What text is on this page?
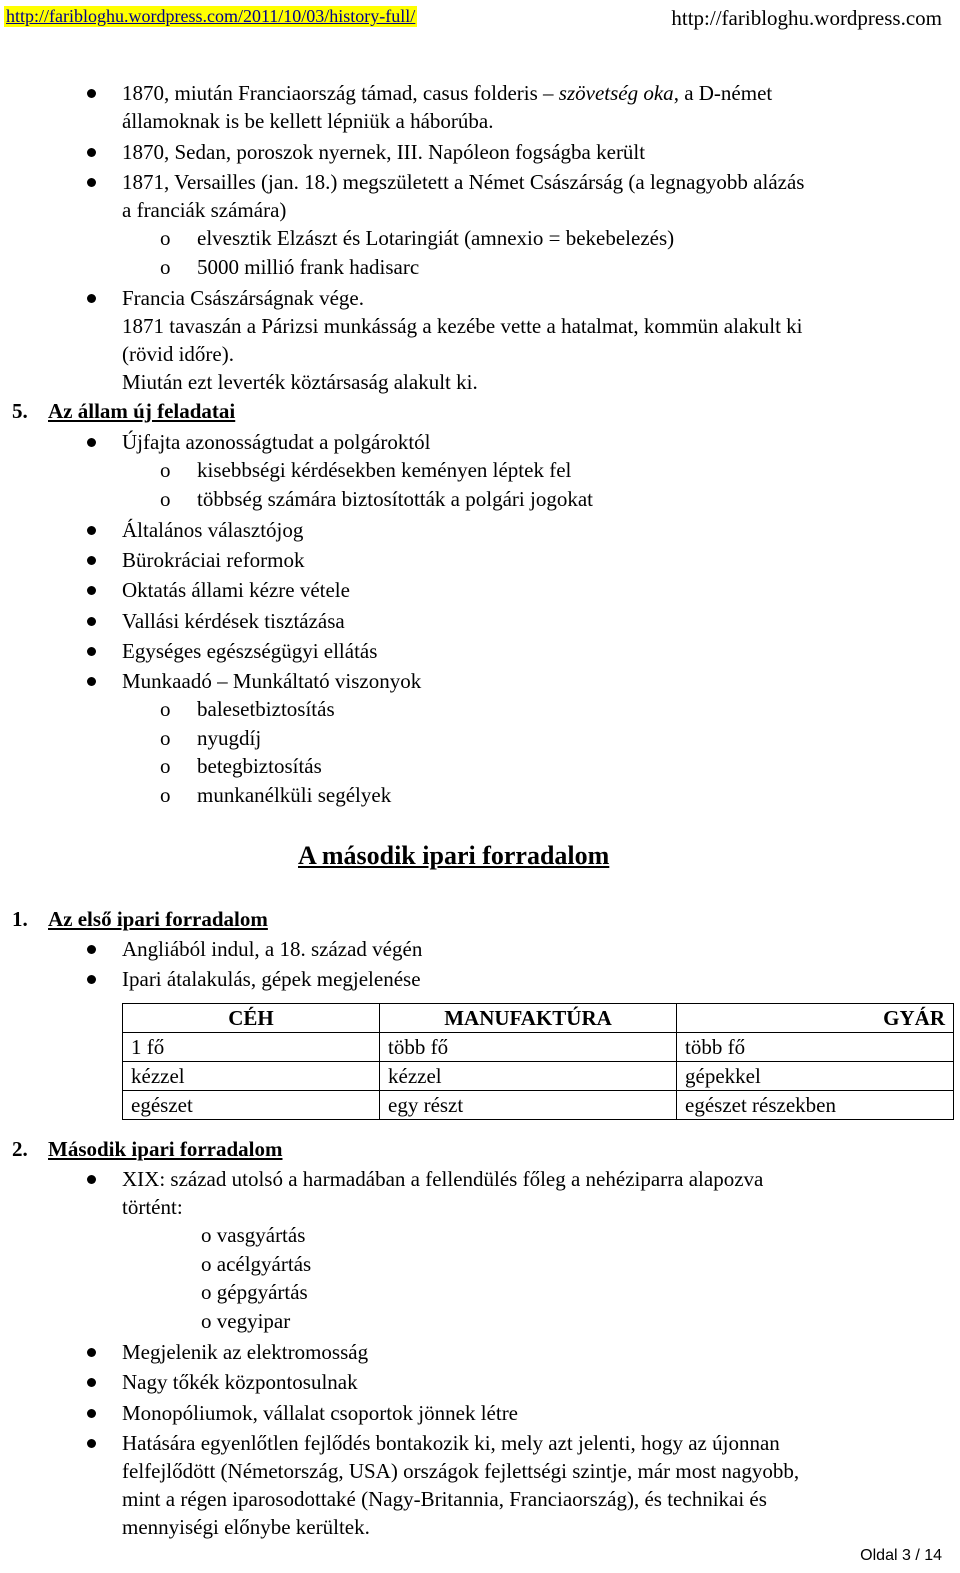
http://faribloghu.wordpress.com/2011/10/03/history-full/	http://faribloghu.wordpress.com
1870, miután Franciaország támad, casus folderis – szövetség oka, a D-német
államoknak is be kellett lépniük a háborúba.
1870, Sedan, poroszok nyernek, III. Napóleon fogságba került
1871, Versailles (jan. 18.) megszületett a Német Császárság (a legnagyobb alázás
a franciák számára)
o elvesztik Elzászt és Lotaringiát (amnexio = bekebelezés)
o 5000 millió frank hadisarc
Francia Császárságnak vége.
1871 tavaszán a Párizsi munkásság a kezébe vette a hatalmat, kommün alakult ki
(rövid időre).
Miután ezt leverték köztársaság alakult ki.
5. Az állam új feladatai
Újfajta azonosságtudat a polgároktól
o kisebbségi kérdésekben keményen léptek fel
o többség számára biztosították a polgári jogokat
Általános választójog
Bürokráciai reformok
Oktatás állami kézre vétele
Vallási kérdések tisztázása
Egységes egészségügyi ellátás
Munkaadó – Munkáltató viszonyok
o balesetbiztosítás
o nyugdíj
o betegbiztosítás
o munkanélküli segélyek
A második ipari forradalom
1. Az első ipari forradalom
Angliából indul, a 18. század végén
Ipari átalakulás, gépek megjelenése
CÉH	MANUFAKTÚRA	GYÁR
1 fő	több fő	több fő
kézzel	kézzel	gépekkel
egészet	egy részt	egészet részekben
2. Második ipari forradalom
XIX: század utolsó a harmadában a fellendülés főleg a nehéziparra alapozva
történt:
o vasgyártás
o acélgyártás
o gépgyártás
o vegyipar
Megjelenik az elektromosság
Nagy tőkék központosulnak
Monopóliumok, vállalat csoportok jönnek létre
Hatására egyenlőtlen fejlődés bontakozik ki, mely azt jelenti, hogy az újonnan
felfejlődött (Németország, USA) országok fejlettségi szintje, már most nagyobb,
mint a régen iparosodottaké (Nagy-Britannia, Franciaország), és technikai és
mennyiségi előnybe kerültek.
Oldal 3 / 14
